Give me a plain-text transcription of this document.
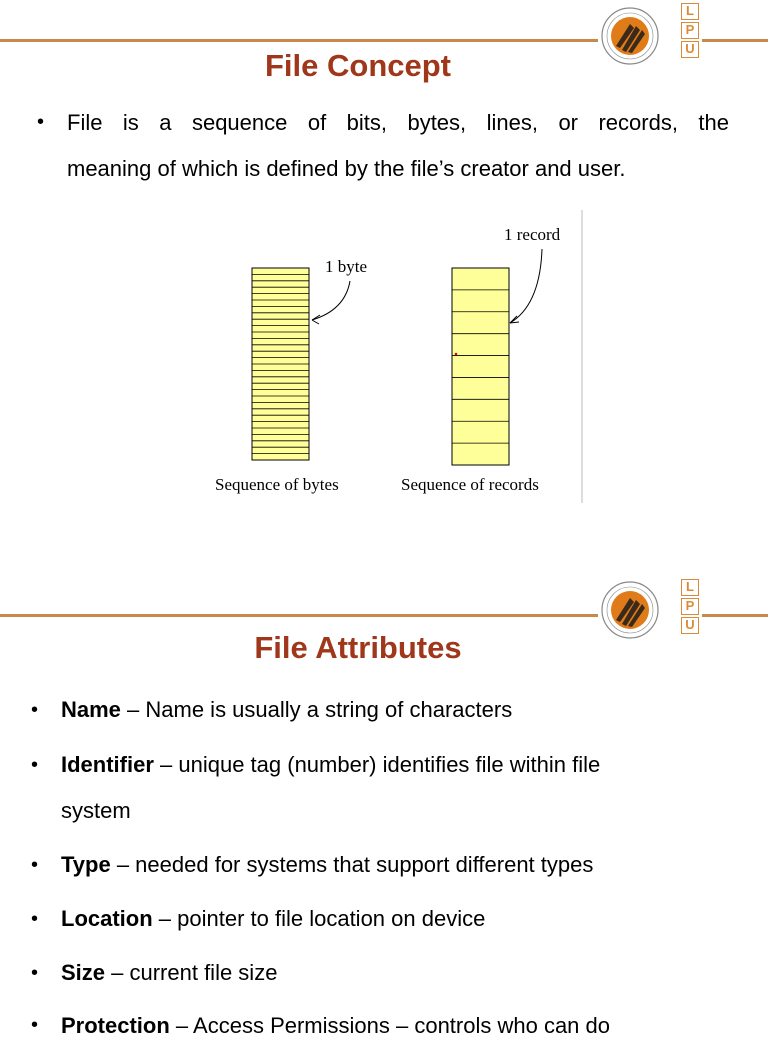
L
P
U
File Concept
• File is a sequence of bits, bytes, lines, or records, the
meaning of which is defined by the file’s creator and user.
1 byte
1 record
Sequence of bytes	Sequence of records
L
P
U
File Attributes
• Name – Name is usually a string of characters
• Identifier – unique tag (number) identifies file within file
system
• Type – needed for systems that support different types
• Location – pointer to file location on device
• Size – current file size
• Protection – Access Permissions – controls who can do
